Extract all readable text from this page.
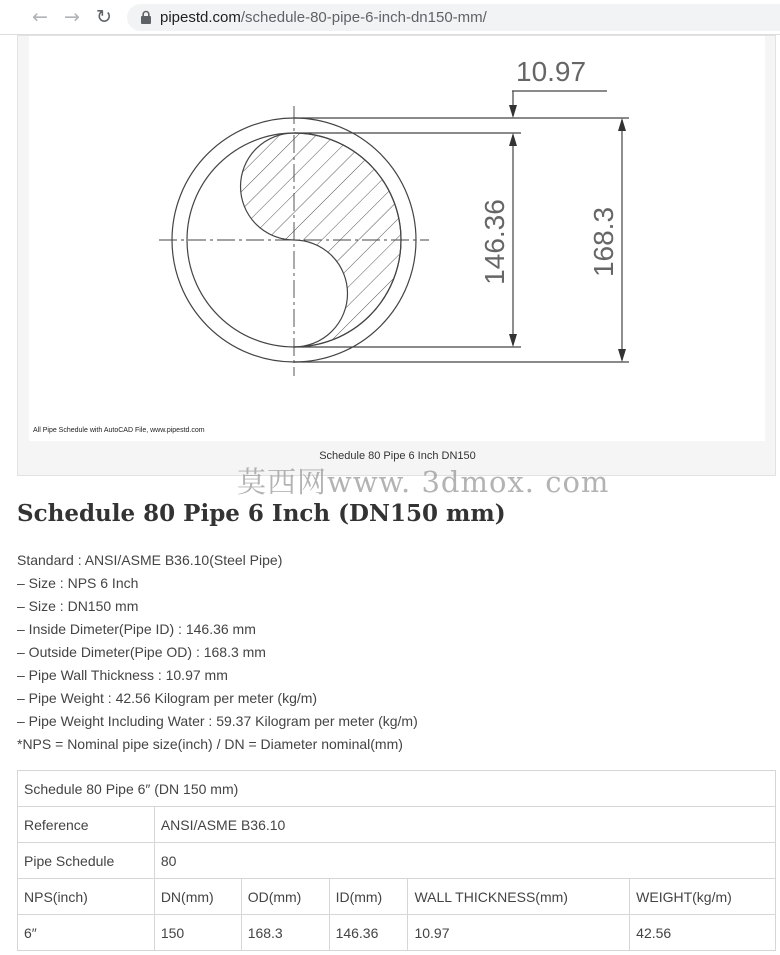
← → ↻	pipestd.com/schedule-80-pipe-6-inch-dn150-mm/
10.97
146.36	168.3
All Pipe Schedule with AutoCAD File, www.pipestd.com
Schedule 80 Pipe 6 Inch DN150
莫西网www. 3dmox. com
Schedule 80 Pipe 6 Inch (DN150 mm)
Standard : ANSI/ASME B36.10(Steel Pipe)
– Size : NPS 6 Inch
– Size : DN150 mm
– Inside Dimeter(Pipe ID) : 146.36 mm
– Outside Dimeter(Pipe OD) : 168.3 mm
– Pipe Wall Thickness : 10.97 mm
– Pipe Weight : 42.56 Kilogram per meter (kg/m)
– Pipe Weight Including Water : 59.37 Kilogram per meter (kg/m)
*NPS = Nominal pipe size(inch) / DN = Diameter nominal(mm)
Schedule 80 Pipe 6″ (DN 150 mm)					
Reference	ANSI/ASME B36.10				
Pipe Schedule	80				
NPS(inch)	DN(mm)	OD(mm)	ID(mm)	WALL THICKNESS(mm)	WEIGHT(kg/m)
6″	150	168.3	146.36	10.97	42.56
